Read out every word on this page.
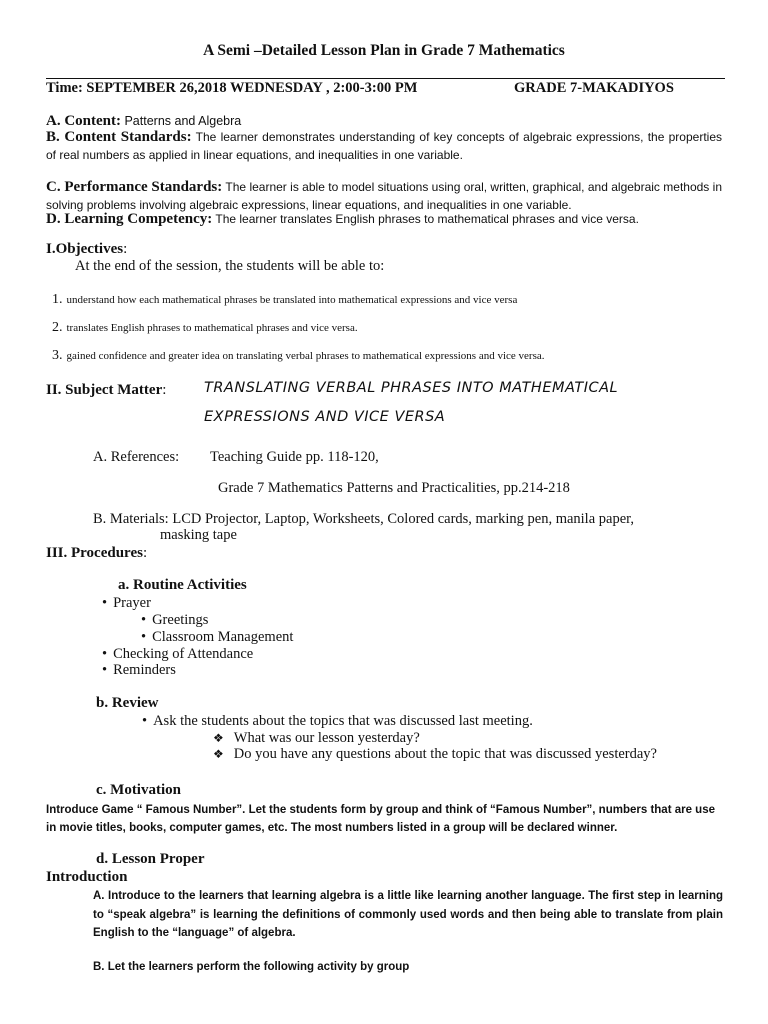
A Semi –Detailed Lesson Plan in Grade 7 Mathematics
Time: SEPTEMBER 26,2018 WEDNESDAY , 2:00-3:00 PM	GRADE 7-MAKADIYOS
A. Content: Patterns and Algebra
B. Content Standards: The learner demonstrates understanding of key concepts of algebraic expressions, the properties of real numbers as applied in linear equations, and inequalities in one variable.
C. Performance Standards: The learner is able to model situations using oral, written, graphical, and algebraic methods in solving problems involving algebraic expressions, linear equations, and inequalities in one variable.
D. Learning Competency: The learner translates English phrases to mathematical phrases and vice versa.
I.Objectives:
At the end of the session, the students will be able to:
1. understand how each mathematical phrases be translated into mathematical expressions and vice versa
2. translates English phrases to mathematical phrases and vice versa.
3. gained confidence and greater idea on translating verbal phrases to mathematical expressions and vice versa.
II. Subject Matter:	TRANSLATING VERBAL PHRASES INTO MATHEMATICAL
EXPRESSIONS AND VICE VERSA
A. References: Teaching Guide pp. 118-120,
Grade 7 Mathematics Patterns and Practicalities, pp.214-218
B. Materials: LCD Projector, Laptop, Worksheets, Colored cards, marking pen, manila paper,
masking tape
III. Procedures:
a. Routine Activities
• Prayer
• Greetings
• Classroom Management
• Checking of Attendance
• Reminders
b. Review
• Ask the students about the topics that was discussed last meeting.
❖ What was our lesson yesterday?
❖ Do you have any questions about the topic that was discussed yesterday?
c. Motivation
Introduce Game “ Famous Number”. Let the students form by group and think of “Famous Number”, numbers that are use in movie titles, books, computer games, etc. The most numbers listed in a group will be declared winner.
d. Lesson Proper
Introduction
A. Introduce to the learners that learning algebra is a little like learning another language. The first step in learning to “speak algebra” is learning the definitions of commonly used words and then being able to translate from plain English to the “language” of algebra.
B. Let the learners perform the following activity by group
